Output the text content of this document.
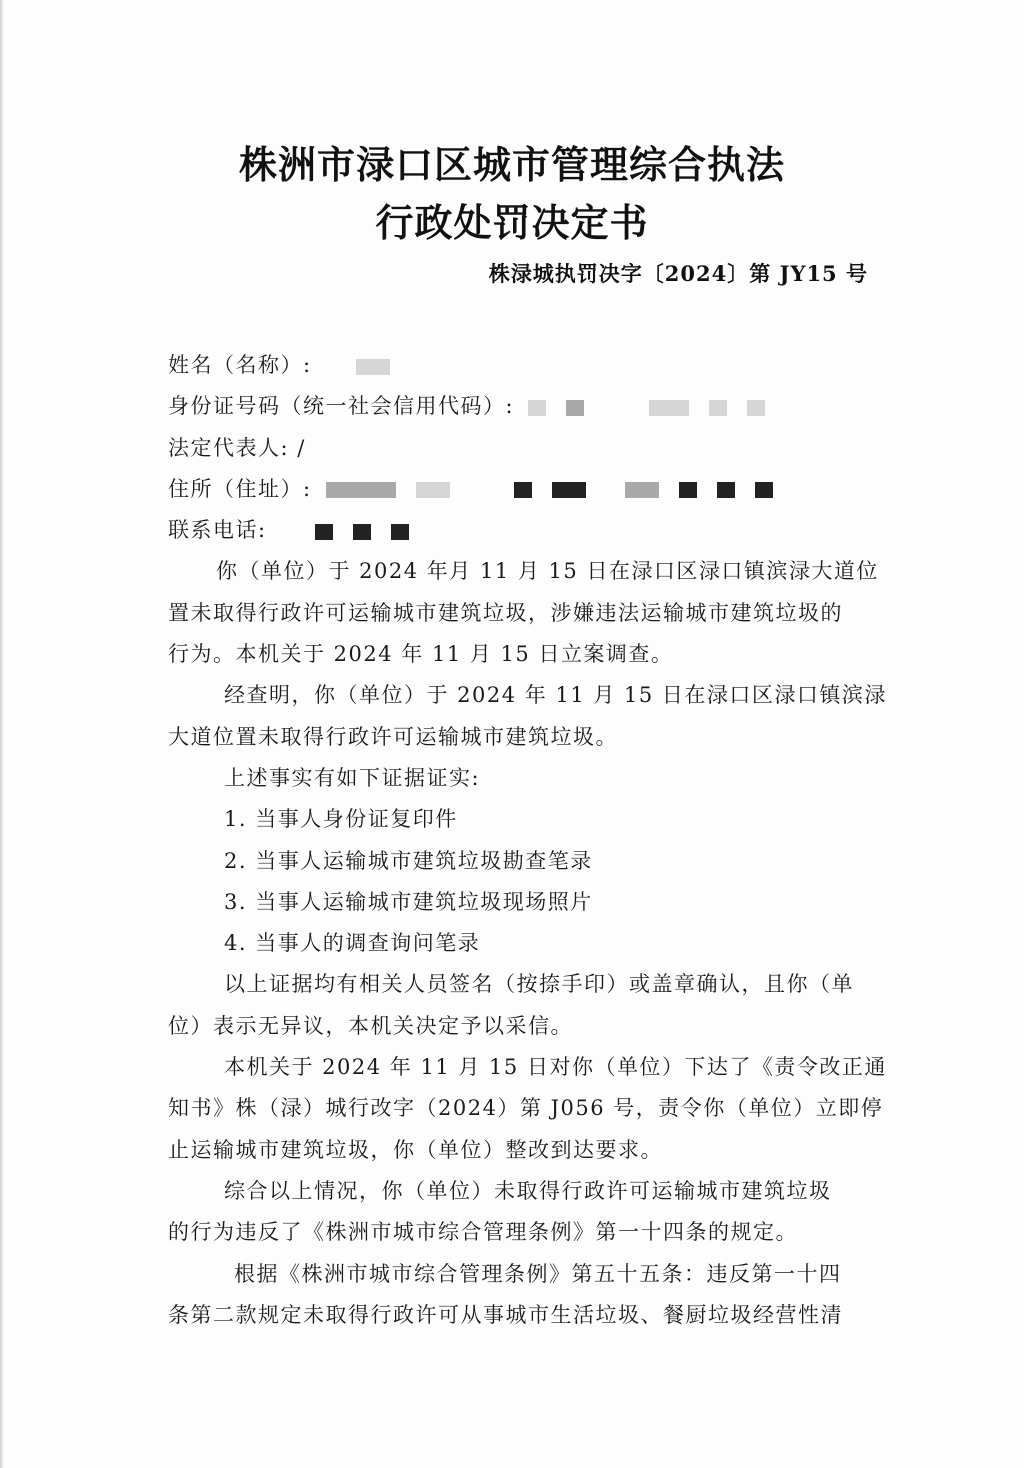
株洲市渌口区城市管理综合执法
行政处罚决定书
株渌城执罚决字〔2024〕第 JY15 号
姓名（名称）:
身份证号码（统一社会信用代码）:
法定代表人: /
住所（住址）:
联系电话:
你（单位）于 2024 年月 11 月 15 日在渌口区渌口镇滨渌大道位
置未取得行政许可运输城市建筑垃圾，涉嫌违法运输城市建筑垃圾的
行为。本机关于 2024 年 11 月 15 日立案调查。
经查明，你（单位）于 2024 年 11 月 15 日在渌口区渌口镇滨渌
大道位置未取得行政许可运输城市建筑垃圾。
上述事实有如下证据证实:
1. 当事人身份证复印件
2. 当事人运输城市建筑垃圾勘查笔录
3. 当事人运输城市建筑垃圾现场照片
4. 当事人的调查询问笔录
以上证据均有相关人员签名（按捺手印）或盖章确认，且你（单
位）表示无异议，本机关决定予以采信。
本机关于 2024 年 11 月 15 日对你（单位）下达了《责令改正通
知书》株（渌）城行改字（2024）第 J056 号，责令你（单位）立即停
止运输城市建筑垃圾，你（单位）整改到达要求。
综合以上情况，你（单位）未取得行政许可运输城市建筑垃圾
的行为违反了《株洲市城市综合管理条例》第一十四条的规定。
根据《株洲市城市综合管理条例》第五十五条：违反第一十四
条第二款规定未取得行政许可从事城市生活垃圾、餐厨垃圾经营性清
